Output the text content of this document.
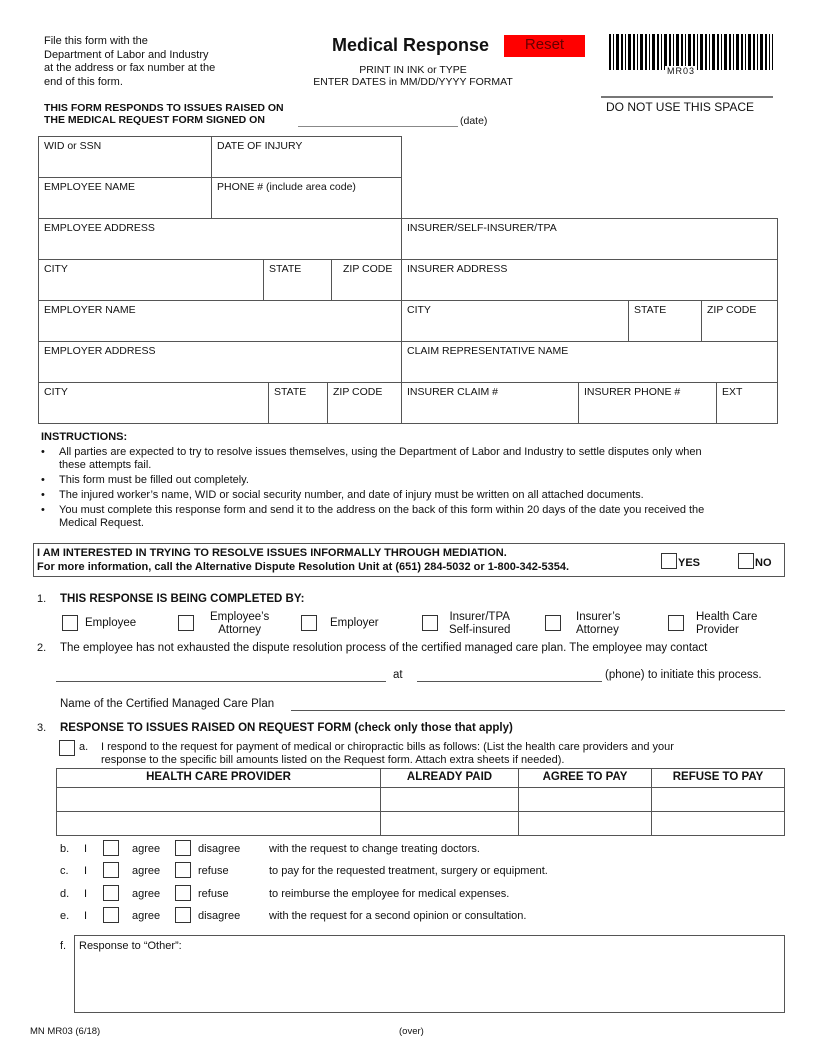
File this form with the
Department of Labor and Industry
at the address or fax number at the
end of this form.
Medical Response	Reset
PRINT IN INK or TYPE
ENTER DATES in MM/DD/YYYY FORMAT
MR03
DO NOT USE THIS SPACE
THIS FORM RESPONDS TO ISSUES RAISED ON
THE MEDICAL REQUEST FORM SIGNED ON	(date)
WID or SSN	DATE OF INJURY
EMPLOYEE NAME	PHONE # (include area code)
EMPLOYEE ADDRESS	INSURER/SELF-INSURER/TPA
CITY	STATE	ZIP CODE	INSURER ADDRESS
EMPLOYER NAME	CITY	STATE	ZIP CODE
EMPLOYER ADDRESS	CLAIM REPRESENTATIVE NAME
CITY	STATE	ZIP CODE	INSURER CLAIM #	INSURER PHONE #	EXT
INSTRUCTIONS:
• All parties are expected to try to resolve issues themselves, using the Department of Labor and Industry to settle disputes only when
these attempts fail.
• This form must be filled out completely.
• The injured worker’s name, WID or social security number, and date of injury must be written on all attached documents.
• You must complete this response form and send it to the address on the back of this form within 20 days of the date you received the
Medical Request.
I AM INTERESTED IN TRYING TO RESOLVE ISSUES INFORMALLY THROUGH MEDIATION.
For more information, call the Alternative Dispute Resolution Unit at (651) 284-5032 or 1-800-342-5354.	YES	NO
1. THIS RESPONSE IS BEING COMPLETED BY:
Employee	Employee’s
Attorney
Employer	Insurer/TPA
Self-insured
Insurer’s
Attorney
Health Care
Provider
2. The employee has not exhausted the dispute resolution process of the certified managed care plan. The employee may contact
at	(phone) to initiate this process.
Name of the Certified Managed Care Plan
3. RESPONSE TO ISSUES RAISED ON REQUEST FORM (check only those that apply)
a. I respond to the request for payment of medical or chiropractic bills as follows: (List the health care providers and your
response to the specific bill amounts listed on the Request form. Attach extra sheets if needed).
HEALTH CARE PROVIDER	ALREADY PAID	AGREE TO PAY	REFUSE TO PAY
b. I	agree	disagree	with the request to change treating doctors.
c. I	agree	refuse	to pay for the requested treatment, surgery or equipment.
d. I	agree	refuse	to reimburse the employee for medical expenses.
e. I	agree	disagree	with the request for a second opinion or consultation.
f. Response to “Other”:
MN MR03 (6/18)	(over)
